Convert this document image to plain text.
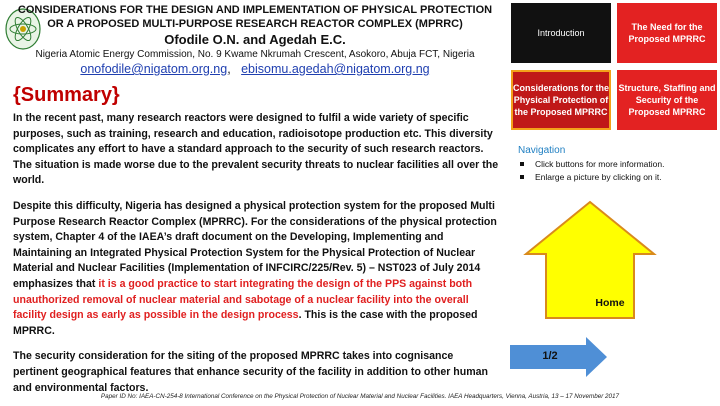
CONSIDERATIONS FOR THE DESIGN AND IMPLEMENTATION OF PHYSICAL PROTECTION
OR A PROPOSED MULTI-PURPOSE RESEARCH REACTOR COMPLEX (MPRRC)
Ofodile O.N. and Agedah E.C.
Nigeria Atomic Energy Commission, No. 9 Kwame Nkrumah Crescent, Asokoro, Abuja FCT, Nigeria
onofodile@nigatom.org.ng, ebisomu.agedah@nigatom.org.ng
{Summary}

In the recent past, many research reactors were designed to fulfil a wide variety of specific purposes, such as training, research and education, radioisotope production etc. This diversity complicates any effort to have a standard approach to the security of such research reactors. The situation is made worse due to the prevalent security threats to nuclear facilities all over the world.

Despite this difficulty, Nigeria has designed a physical protection system for the proposed Multi Purpose Research Reactor Complex (MPRRC). For the considerations of the physical protection system, Chapter 4 of the IAEA’s draft document on the Developing, Implementing and Maintaining an Integrated Physical Protection System for the Physical Protection of Nuclear Material and Nuclear Facilities (Implementation of INFCIRC/225/Rev. 5) – NST023 of July 2014 emphasizes that it is a good practice to start integrating the design of the PPS against both unauthorized removal of nuclear material and sabotage of a nuclear facility into the overall facility design as early as possible in the design process. This is the case with the proposed MPRRC.

The security consideration for the siting of the proposed MPRRC takes into cognisance pertinent geographical features that enhance security of the facility in addition to other human and environmental factors.

Introduction
The Need for the Proposed MPRRC
Considerations for the Physical Protection of the Proposed MPRRC
Structure, Staffing and Security of the Proposed MPRRC
Navigation
Click buttons for more information.
Enlarge a picture by clicking on it.
Home
1/2
Paper ID No: IAEA-CN-254-8 International Conference on the Physical Protection of Nuclear Material and Nuclear Facilities. IAEA Headquarters, Vienna, Austria, 13 – 17 November 2017
